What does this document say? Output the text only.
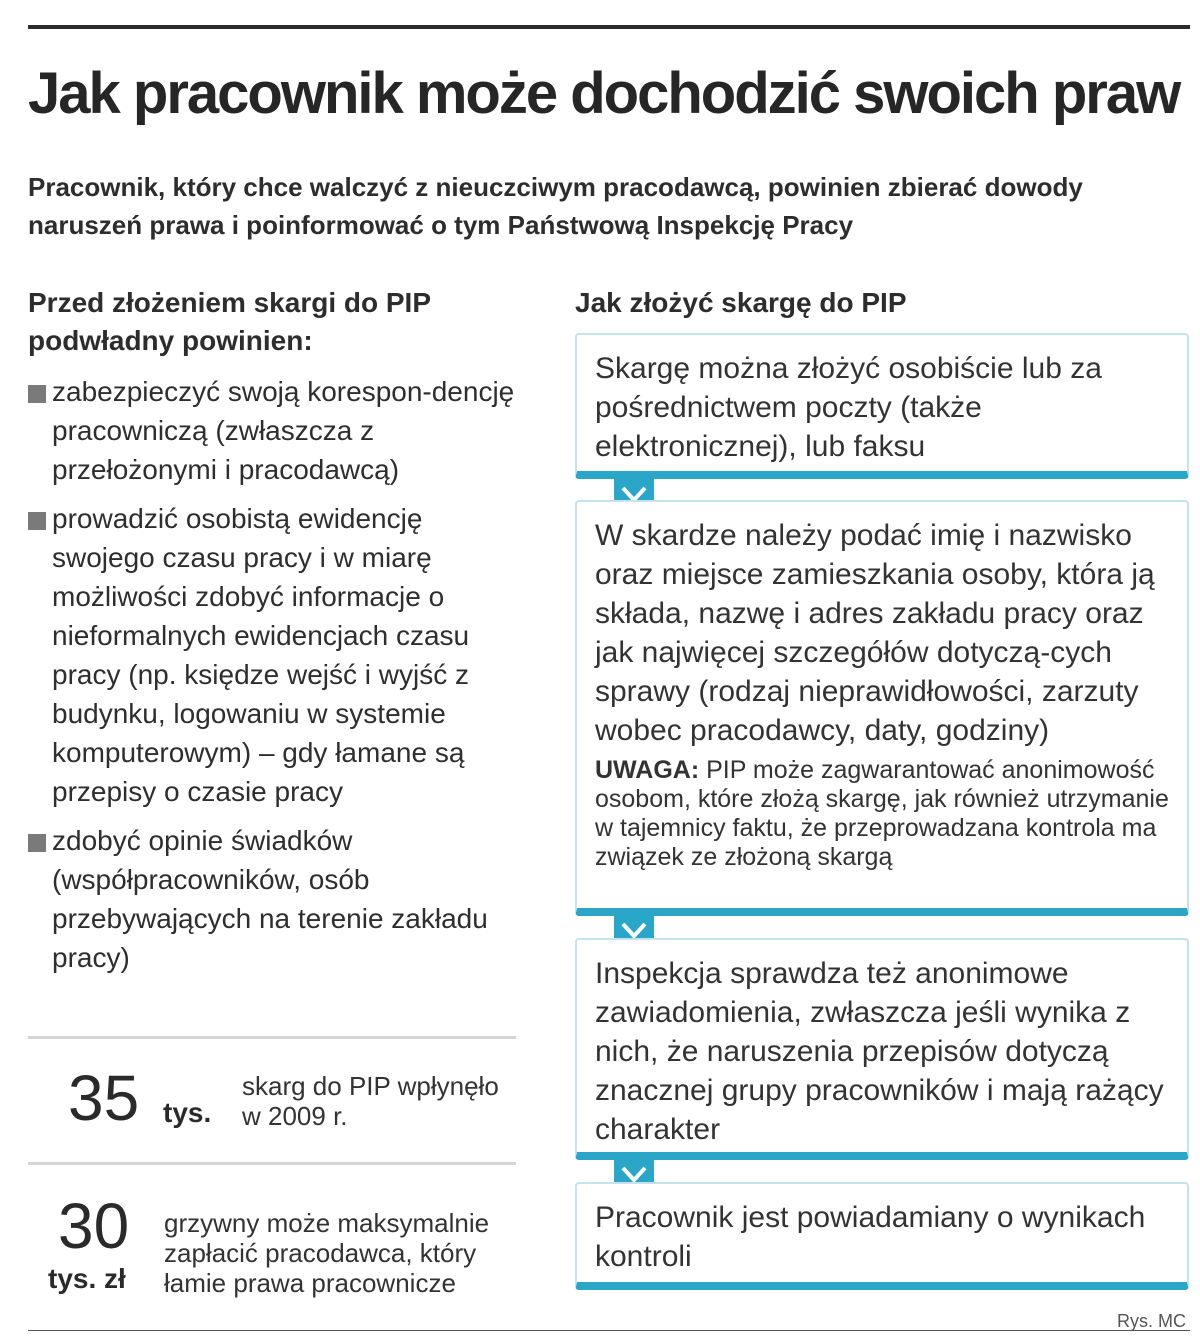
Jak pracownik może dochodzić swoich praw

Pracownik, który chce walczyć z nieuczciwym pracodawcą, powinien zbierać dowody naruszeń prawa i poinformować o tym Państwową Inspekcję Pracy

Przed złożeniem skargi do PIP podwładny powinien:
Jak złożyć skargę do PIP
zabezpieczyć swoją korespon-dencję pracowniczą (zwłaszcza z przełożonymi i pracodawcą)
prowadzić osobistą ewidencję swojego czasu pracy i w miarę możliwości zdobyć informacje o nieformalnych ewidencjach czasu pracy (np. księdze wejść i wyjść z budynku, logowaniu w systemie komputerowym) – gdy łamane są przepisy o czasie pracy
zdobyć opinie świadków (współpracowników, osób przebywających na terenie zakładu pracy)
35 tys.
skarg do PIP wpłynęło w 2009 r.
30
tys. zł
grzywny może maksymalnie zapłacić pracodawca, który łamie prawa pracownicze

Skargę można złożyć osobiście lub za pośrednictwem poczty (także elektronicznej), lub faksu

W skardze należy podać imię i nazwisko oraz miejsce zamieszkania osoby, która ją składa, nazwę i adres zakładu pracy oraz jak najwięcej szczegółów dotyczą-cych sprawy (rodzaj nieprawidłowości, zarzuty wobec pracodawcy, daty, godziny)

UWAGA: PIP może zagwarantować anonimowość osobom, które złożą skargę, jak również utrzymanie w tajemnicy faktu, że przeprowadzana kontrola ma związek ze złożoną skargą

Inspekcja sprawdza też anonimowe zawiadomienia, zwłaszcza jeśli wynika z nich, że naruszenia przepisów dotyczą znacznej grupy pracowników i mają rażący charakter

Pracownik jest powiadamiany o wynikach kontroli

Rys. MC
